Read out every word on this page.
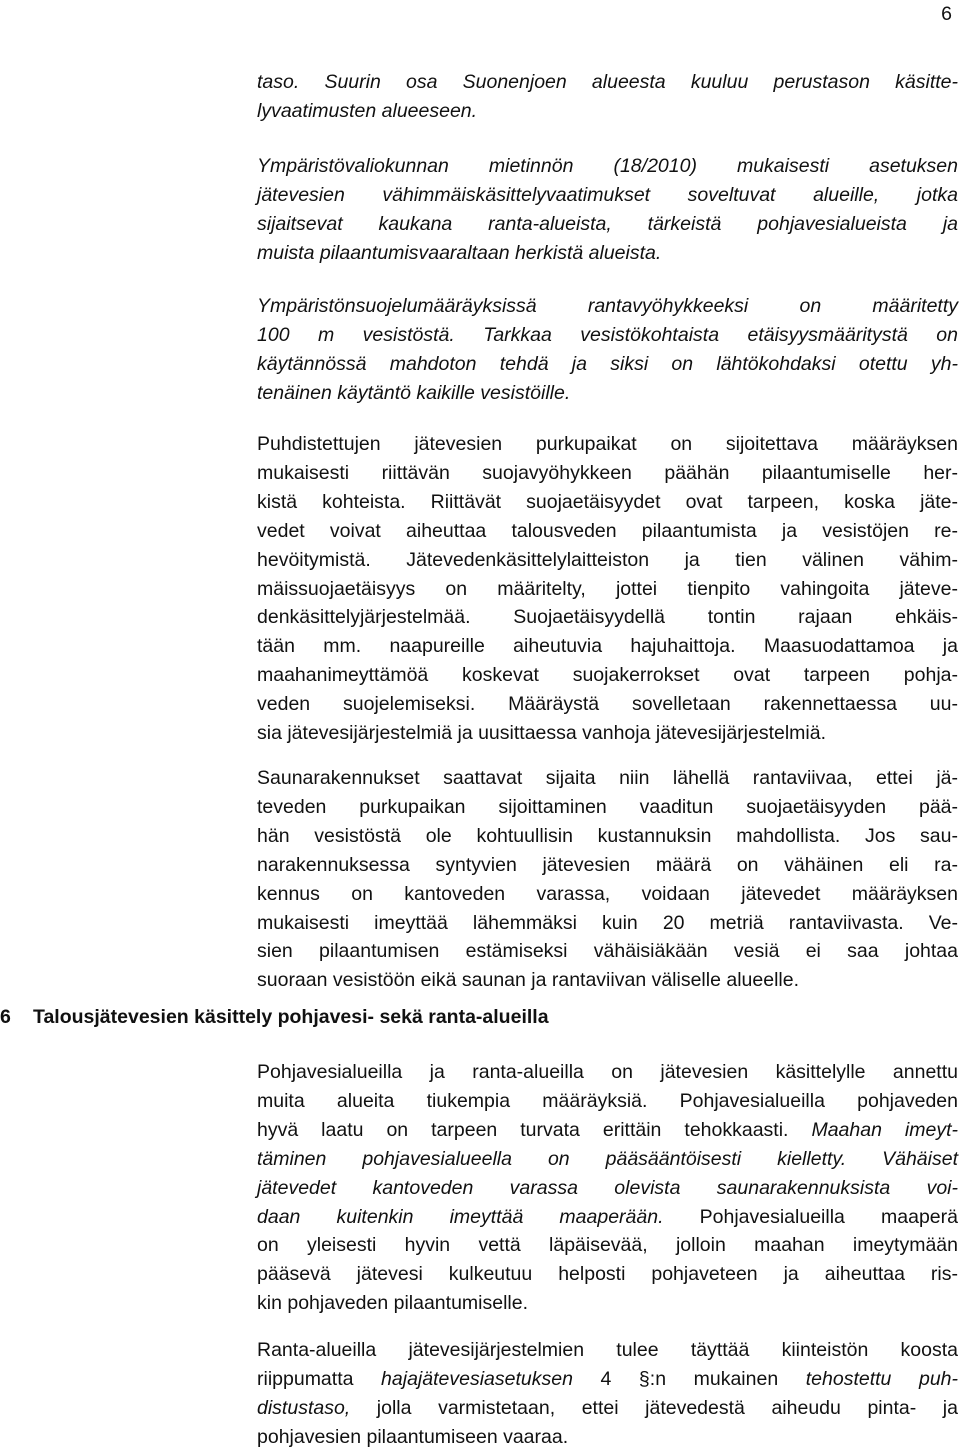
6
taso. Suurin osa Suonenjoen alueesta kuuluu perustason käsitte-
lyvaatimusten alueeseen.
Ympäristövaliokunnan mietinnön (18/2010) mukaisesti asetuksen
jätevesien vähimmäiskäsittelyvaatimukset soveltuvat alueille, jotka
sijaitsevat kaukana ranta-alueista, tärkeistä pohjavesialueista ja
muista pilaantumisvaaraltaan herkistä alueista.
Ympäristönsuojelumääräyksissä rantavyöhykkeeksi on määritetty
100 m vesistöstä. Tarkkaa vesistökohtaista etäisyysmääritystä on
käytännössä mahdoton tehdä ja siksi on lähtökohdaksi otettu yh-
tenäinen käytäntö kaikille vesistöille.
Puhdistettujen jätevesien purkupaikat on sijoitettava määräyksen
mukaisesti riittävän suojavyöhykkeen päähän pilaantumiselle her-
kistä kohteista. Riittävät suojaetäisyydet ovat tarpeen, koska jäte-
vedet voivat aiheuttaa talousveden pilaantumista ja vesistöjen re-
hevöitymistä. Jätevedenkäsittelylaitteiston ja tien välinen vähim-
mäissuojaetäisyys on määritelty, jottei tienpito vahingoita jäteve-
denkäsittelyjärjestelmää. Suojaetäisyydellä tontin rajaan ehkäis-
tään mm. naapureille aiheutuvia hajuhaittoja. Maasuodattamoa ja
maahanimeyttämöä koskevat suojakerrokset ovat tarpeen pohja-
veden suojelemiseksi. Määräystä sovelletaan rakennettaessa uu-
sia jätevesijärjestelmiä ja uusittaessa vanhoja jätevesijärjestelmiä.
Saunarakennukset saattavat sijaita niin lähellä rantaviivaa, ettei jä-
teveden purkupaikan sijoittaminen vaaditun suojaetäisyyden pää-
hän vesistöstä ole kohtuullisin kustannuksin mahdollista. Jos sau-
narakennuksessa syntyvien jätevesien määrä on vähäinen eli ra-
kennus on kantoveden varassa, voidaan jätevedet määräyksen
mukaisesti imeyttää lähemmäksi kuin 20 metriä rantaviivasta. Ve-
sien pilaantumisen estämiseksi vähäisiäkään vesiä ei saa johtaa
suoraan vesistöön eikä saunan ja rantaviivan väliselle alueelle.
Pohjavesialueilla ja ranta-alueilla on jätevesien käsittelylle annettu
muita alueita tiukempia määräyksiä. Pohjavesialueilla pohjaveden
hyvä laatu on tarpeen turvata erittäin tehokkaasti. Maahan imeyt-
täminen pohjavesialueella on pääsääntöisesti kielletty. Vähäiset
jätevedet kantoveden varassa olevista saunarakennuksista voi-
daan kuitenkin imeyttää maaperään. Pohjavesialueilla maaperä
on yleisesti hyvin vettä läpäisevää, jolloin maahan imeytymään
pääsevä jätevesi kulkeutuu helposti pohjaveteen ja aiheuttaa ris-
kin pohjaveden pilaantumiselle.
Ranta-alueilla jätevesijärjestelmien tulee täyttää kiinteistön koosta
riippumatta hajajätevesiasetuksen 4 §:n mukainen tehostettu puh-
distustaso, jolla varmistetaan, ettei jätevedestä aiheudu pinta- ja
pohjavesien pilaantumiseen vaaraa.
6 Talousjätevesien käsittely pohjavesi- sekä ranta-alueilla
